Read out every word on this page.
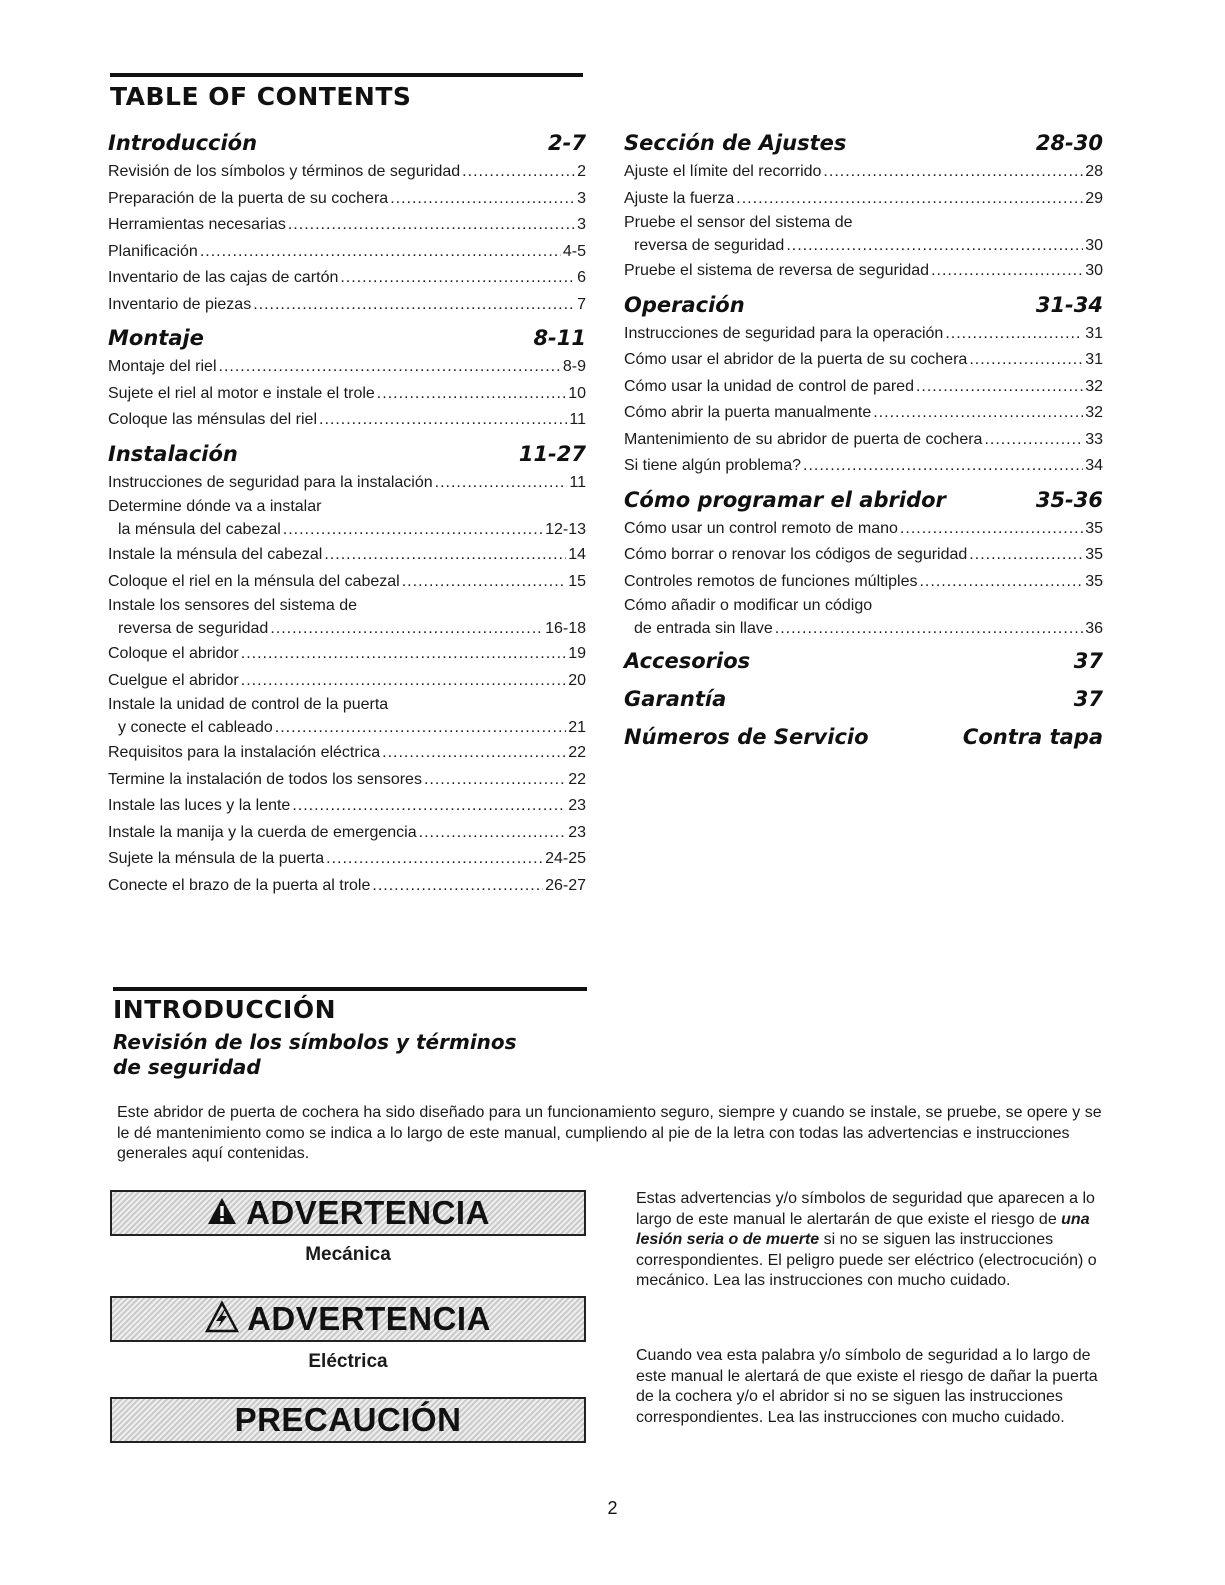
TABLE OF CONTENTS
Introducción	2-7
Revisión de los símbolos y términos de seguridad .....	2
Preparación de la puerta de su cochera .....	3
Herramientas necesarias .....	3
Planificación .....	4-5
Inventario de las cajas de cartón .....	6
Inventario de piezas .....	7
Montaje	8-11
Montaje del riel .....	8-9
Sujete el riel al motor e instale el trole .....	10
Coloque las ménsulas del riel .....	11
Instalación	11-27
Instrucciones de seguridad para la instalación .....	11
Determine dónde va a instalar
la ménsula del cabezal .....	12-13
Instale la ménsula del cabezal .....	14
Coloque el riel en la ménsula del cabezal .....	15
Instale los sensores del sistema de
reversa de seguridad .....	16-18
Coloque el abridor .....	19
Cuelgue el abridor .....	20
Instale la unidad de control de la puerta
y conecte el cableado .....	21
Requisitos para la instalación eléctrica .....	22
Termine la instalación de todos los sensores .....	22
Instale las luces y la lente .....	23
Instale la manija y la cuerda de emergencia .....	23
Sujete la ménsula de la puerta .....	24-25
Conecte el brazo de la puerta al trole .....	26-27
Sección de Ajustes	28-30
Ajuste el límite del recorrido .....	28
Ajuste la fuerza .....	29
Pruebe el sensor del sistema de
reversa de seguridad .....	30
Pruebe el sistema de reversa de seguridad .....	30
Operación	31-34
Instrucciones de seguridad para la operación .....	31
Cómo usar el abridor de la puerta de su cochera .....	31
Cómo usar la unidad de control de pared .....	32
Cómo abrir la puerta manualmente .....	32
Mantenimiento de su abridor de puerta de cochera .....	33
Si tiene algún problema? .....	34
Cómo programar el abridor	35-36
Cómo usar un control remoto de mano .....	35
Cómo borrar o renovar los códigos de seguridad .....	35
Controles remotos de funciones múltiples .....	35
Cómo añadir o modificar un código
de entrada sin llave .....	36
Accesorios	37
Garantía	37
Números de Servicio	Contra tapa
INTRODUCCIÓN
Revisión de los símbolos y términos
de seguridad
Este abridor de puerta de cochera ha sido diseñado para un funcionamiento seguro, siempre y cuando se instale, se pruebe, se opere y se le dé mantenimiento como se indica a lo largo de este manual, cumpliendo al pie de la letra con todas las advertencias e instrucciones generales aquí contenidas.
ADVERTENCIA
Mecánica
ADVERTENCIA
Eléctrica
PRECAUCIÓN
Estas advertencias y/o símbolos de seguridad que aparecen a lo largo de este manual le alertarán de que existe el riesgo de una lesión seria o de muerte si no se siguen las instrucciones correspondientes. El peligro puede ser eléctrico (electrocución) o mecánico. Lea las instrucciones con mucho cuidado.
Cuando vea esta palabra y/o símbolo de seguridad a lo largo de este manual le alertará de que existe el riesgo de dañar la puerta de la cochera y/o el abridor si no se siguen las instrucciones correspondientes. Lea las instrucciones con mucho cuidado.
2
